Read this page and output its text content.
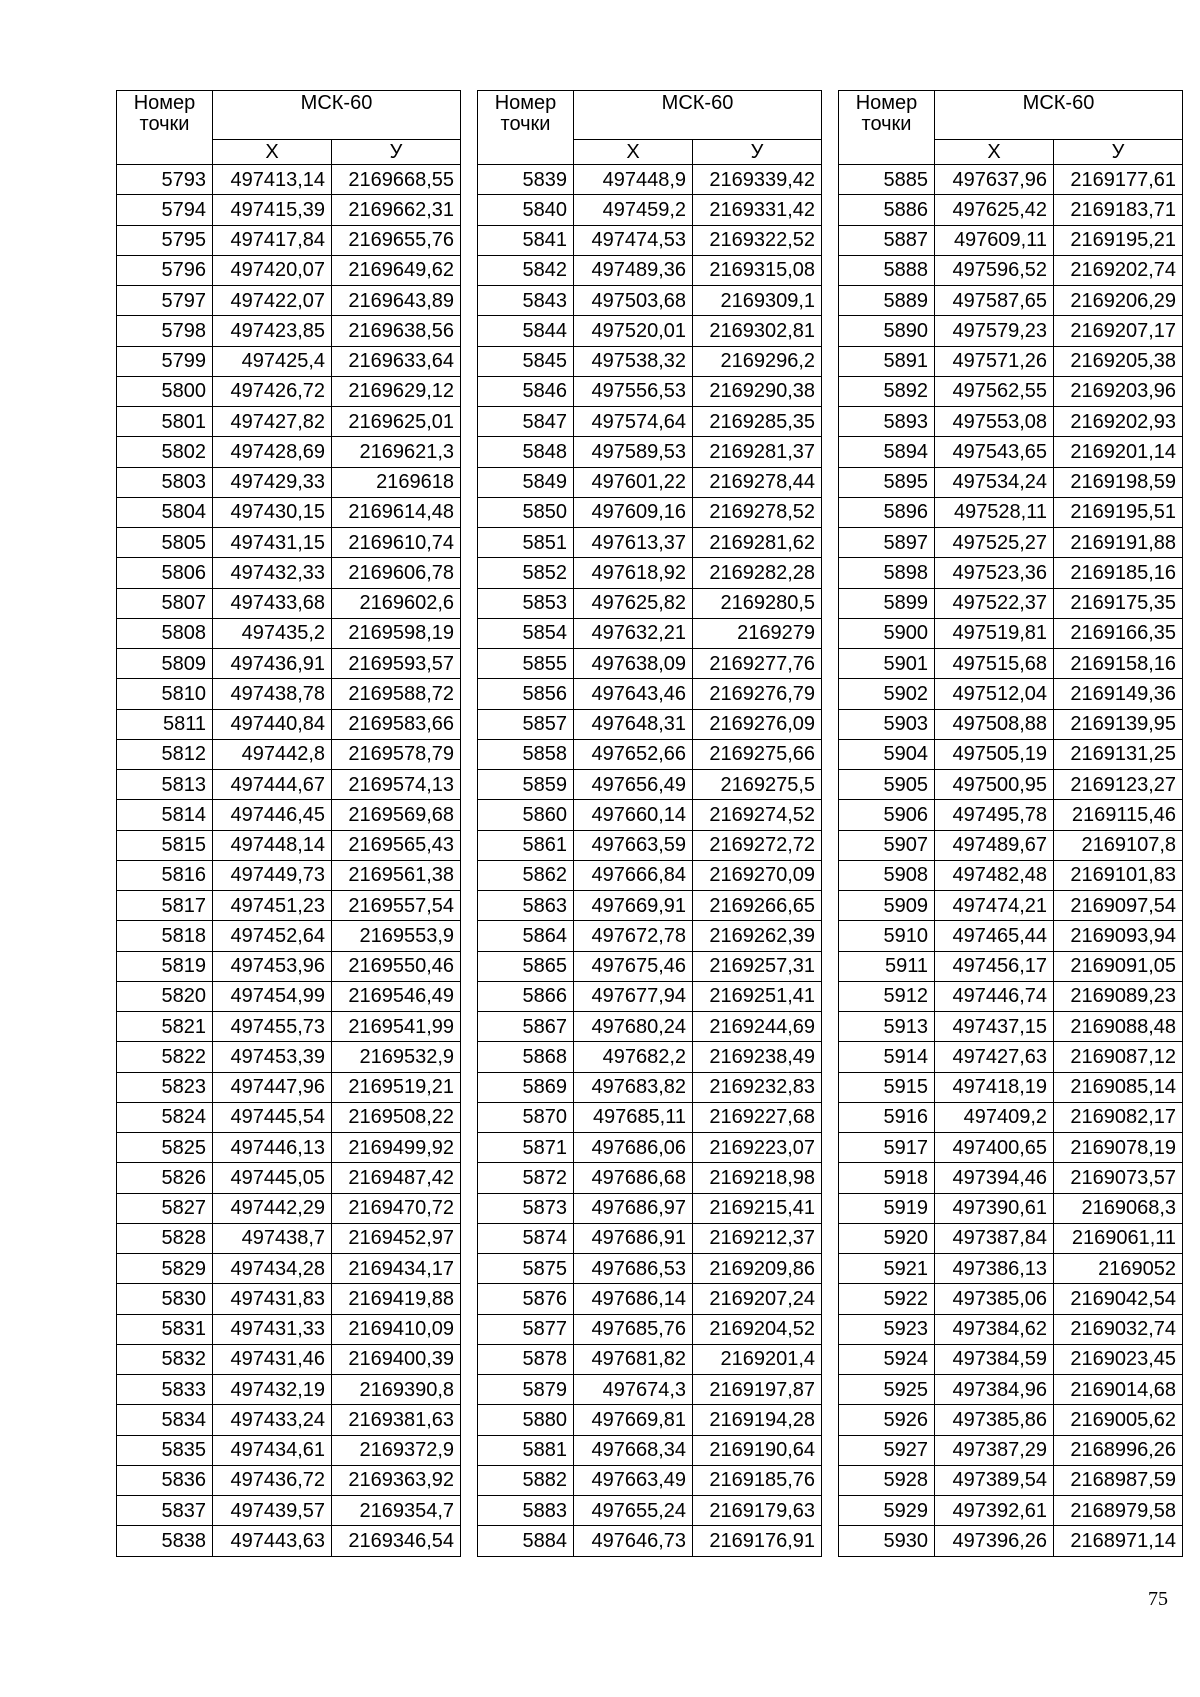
Номер
точки	МСК-60	
	X	У
5793	497413,14	2169668,55
5794	497415,39	2169662,31
5795	497417,84	2169655,76
5796	497420,07	2169649,62
5797	497422,07	2169643,89
5798	497423,85	2169638,56
5799	497425,4	2169633,64
5800	497426,72	2169629,12
5801	497427,82	2169625,01
5802	497428,69	2169621,3
5803	497429,33	2169618
5804	497430,15	2169614,48
5805	497431,15	2169610,74
5806	497432,33	2169606,78
5807	497433,68	2169602,6
5808	497435,2	2169598,19
5809	497436,91	2169593,57
5810	497438,78	2169588,72
5811	497440,84	2169583,66
5812	497442,8	2169578,79
5813	497444,67	2169574,13
5814	497446,45	2169569,68
5815	497448,14	2169565,43
5816	497449,73	2169561,38
5817	497451,23	2169557,54
5818	497452,64	2169553,9
5819	497453,96	2169550,46
5820	497454,99	2169546,49
5821	497455,73	2169541,99
5822	497453,39	2169532,9
5823	497447,96	2169519,21
5824	497445,54	2169508,22
5825	497446,13	2169499,92
5826	497445,05	2169487,42
5827	497442,29	2169470,72
5828	497438,7	2169452,97
5829	497434,28	2169434,17
5830	497431,83	2169419,88
5831	497431,33	2169410,09
5832	497431,46	2169400,39
5833	497432,19	2169390,8
5834	497433,24	2169381,63
5835	497434,61	2169372,9
5836	497436,72	2169363,92
5837	497439,57	2169354,7
5838	497443,63	2169346,54
Номер
точки	МСК-60	
	X	У
5839	497448,9	2169339,42
5840	497459,2	2169331,42
5841	497474,53	2169322,52
5842	497489,36	2169315,08
5843	497503,68	2169309,1
5844	497520,01	2169302,81
5845	497538,32	2169296,2
5846	497556,53	2169290,38
5847	497574,64	2169285,35
5848	497589,53	2169281,37
5849	497601,22	2169278,44
5850	497609,16	2169278,52
5851	497613,37	2169281,62
5852	497618,92	2169282,28
5853	497625,82	2169280,5
5854	497632,21	2169279
5855	497638,09	2169277,76
5856	497643,46	2169276,79
5857	497648,31	2169276,09
5858	497652,66	2169275,66
5859	497656,49	2169275,5
5860	497660,14	2169274,52
5861	497663,59	2169272,72
5862	497666,84	2169270,09
5863	497669,91	2169266,65
5864	497672,78	2169262,39
5865	497675,46	2169257,31
5866	497677,94	2169251,41
5867	497680,24	2169244,69
5868	497682,2	2169238,49
5869	497683,82	2169232,83
5870	497685,11	2169227,68
5871	497686,06	2169223,07
5872	497686,68	2169218,98
5873	497686,97	2169215,41
5874	497686,91	2169212,37
5875	497686,53	2169209,86
5876	497686,14	2169207,24
5877	497685,76	2169204,52
5878	497681,82	2169201,4
5879	497674,3	2169197,87
5880	497669,81	2169194,28
5881	497668,34	2169190,64
5882	497663,49	2169185,76
5883	497655,24	2169179,63
5884	497646,73	2169176,91
Номер
точки	МСК-60	
	X	У
5885	497637,96	2169177,61
5886	497625,42	2169183,71
5887	497609,11	2169195,21
5888	497596,52	2169202,74
5889	497587,65	2169206,29
5890	497579,23	2169207,17
5891	497571,26	2169205,38
5892	497562,55	2169203,96
5893	497553,08	2169202,93
5894	497543,65	2169201,14
5895	497534,24	2169198,59
5896	497528,11	2169195,51
5897	497525,27	2169191,88
5898	497523,36	2169185,16
5899	497522,37	2169175,35
5900	497519,81	2169166,35
5901	497515,68	2169158,16
5902	497512,04	2169149,36
5903	497508,88	2169139,95
5904	497505,19	2169131,25
5905	497500,95	2169123,27
5906	497495,78	2169115,46
5907	497489,67	2169107,8
5908	497482,48	2169101,83
5909	497474,21	2169097,54
5910	497465,44	2169093,94
5911	497456,17	2169091,05
5912	497446,74	2169089,23
5913	497437,15	2169088,48
5914	497427,63	2169087,12
5915	497418,19	2169085,14
5916	497409,2	2169082,17
5917	497400,65	2169078,19
5918	497394,46	2169073,57
5919	497390,61	2169068,3
5920	497387,84	2169061,11
5921	497386,13	2169052
5922	497385,06	2169042,54
5923	497384,62	2169032,74
5924	497384,59	2169023,45
5925	497384,96	2169014,68
5926	497385,86	2169005,62
5927	497387,29	2168996,26
5928	497389,54	2168987,59
5929	497392,61	2168979,58
5930	497396,26	2168971,14
75
